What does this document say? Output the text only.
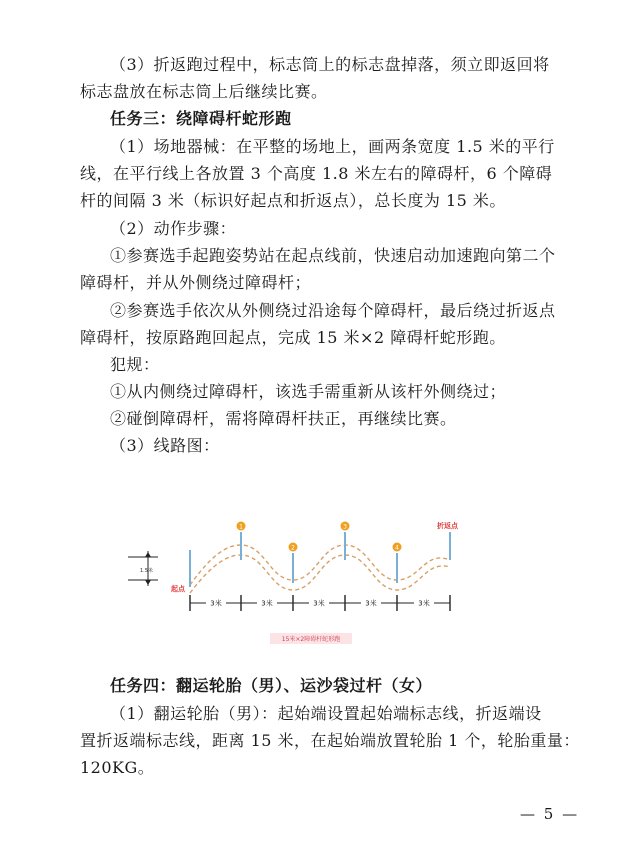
（3）折返跑过程中，标志筒上的标志盘掉落，须立即返回将
标志盘放在标志筒上后继续比赛。
任务三：绕障碍杆蛇形跑
（1）场地器械：在平整的场地上，画两条宽度 1.5 米的平行
线，在平行线上各放置 3 个高度 1.8 米左右的障碍杆，6 个障碍
杆的间隔 3 米（标识好起点和折返点），总长度为 15 米。
（2）动作步骤：
①参赛选手起跑姿势站在起点线前，快速启动加速跑向第二个
障碍杆，并从外侧绕过障碍杆；
②参赛选手依次从外侧绕过沿途每个障碍杆，最后绕过折返点
障碍杆，按原路跑回起点，完成 15 米×2 障碍杆蛇形跑。
犯规：
①从内侧绕过障碍杆，该选手需重新从该杆外侧绕过；
②碰倒障碍杆，需将障碍杆扶正，再继续比赛。
（3）线路图：
1.5米
1
2
3
4
折返点
起点
3米	3米	3米	3米	3米
15米×2障碍杆蛇形跑
任务四：翻运轮胎（男）、运沙袋过杆（女）
（1）翻运轮胎（男）：起始端设置起始端标志线，折返端设
置折返端标志线，距离 15 米，在起始端放置轮胎 1 个，轮胎重量：
120KG。
— 5 —
